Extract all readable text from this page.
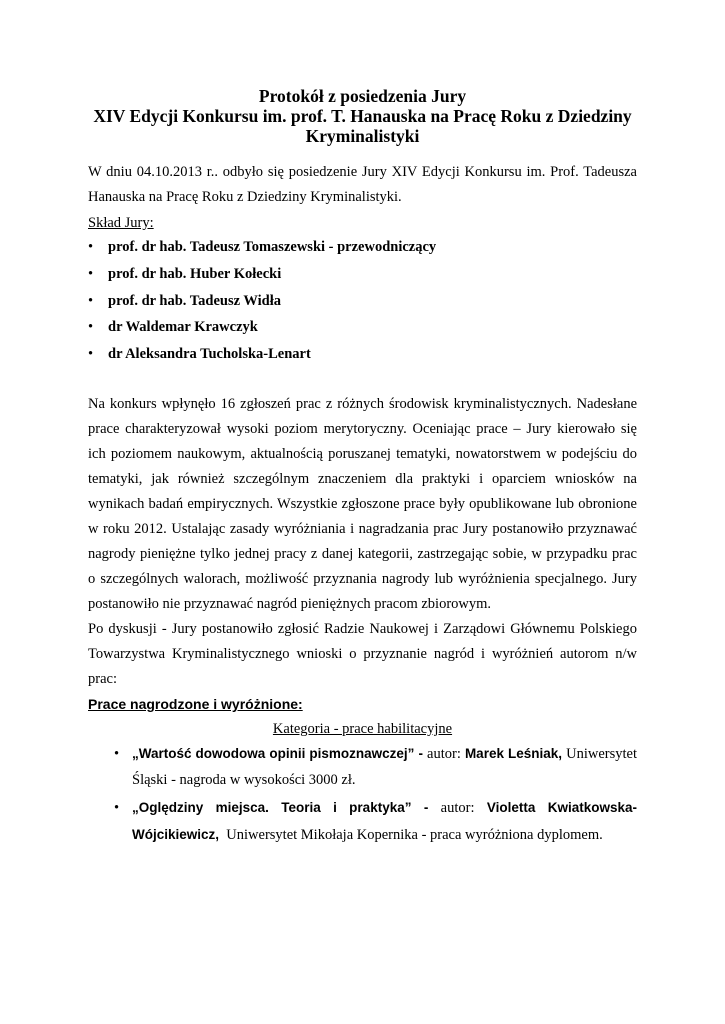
Protokół z posiedzenia Jury

XIV Edycji Konkursu im. prof. T. Hanauska na Pracę Roku z Dziedziny

Kryminalistyki

W dniu 04.10.2013 r.. odbyło się posiedzenie Jury XIV Edycji Konkursu im. Prof. Tadeusza

Hanauska na Pracę Roku z Dziedziny Kryminalistyki.

Skład Jury:

• prof. dr hab. Tadeusz Tomaszewski - przewodniczący
• prof. dr hab. Huber Kołecki
• prof. dr hab. Tadeusz Widła
• dr Waldemar Krawczyk
• dr Aleksandra Tucholska-Lenart

Na konkurs wpłynęło 16 zgłoszeń prac z różnych środowisk kryminalistycznych. Nadesłane

prace charakteryzował wysoki poziom merytoryczny. Oceniając prace – Jury kierowało się

ich poziomem naukowym, aktualnością poruszanej tematyki, nowatorstwem w podejściu do

tematyki, jak również szczególnym znaczeniem dla praktyki i oparciem wniosków na

wynikach badań empirycznych. Wszystkie zgłoszone prace były opublikowane lub obronione

w roku 2012. Ustalając zasady wyróżniania i nagradzania prac Jury postanowiło przyznawać

nagrody pieniężne tylko jednej pracy z danej kategorii, zastrzegając sobie, w przypadku prac

o szczególnych walorach, możliwość przyznania nagrody lub wyróżnienia specjalnego. Jury

postanowiło nie przyznawać nagród pieniężnych pracom zbiorowym.

Po dyskusji - Jury postanowiło zgłosić Radzie Naukowej i Zarządowi Głównemu Polskiego

Towarzystwa Kryminalistycznego wnioski o przyznanie nagród i wyróżnień autorom n/w

prac:

Prace nagrodzone i wyróżnione:

Kategoria - prace habilitacyjne

• „Wartość dowodowa opinii pismoznawczej” - autor: Marek Leśniak, Uniwersytet

Śląski - nagroda w wysokości 3000 zł.

• „Oględziny miejsca. Teoria i praktyka” - autor: Violetta Kwiatkowska-

Wójcikiewicz, Uniwersytet Mikołaja Kopernika - praca wyróżniona dyplomem.
